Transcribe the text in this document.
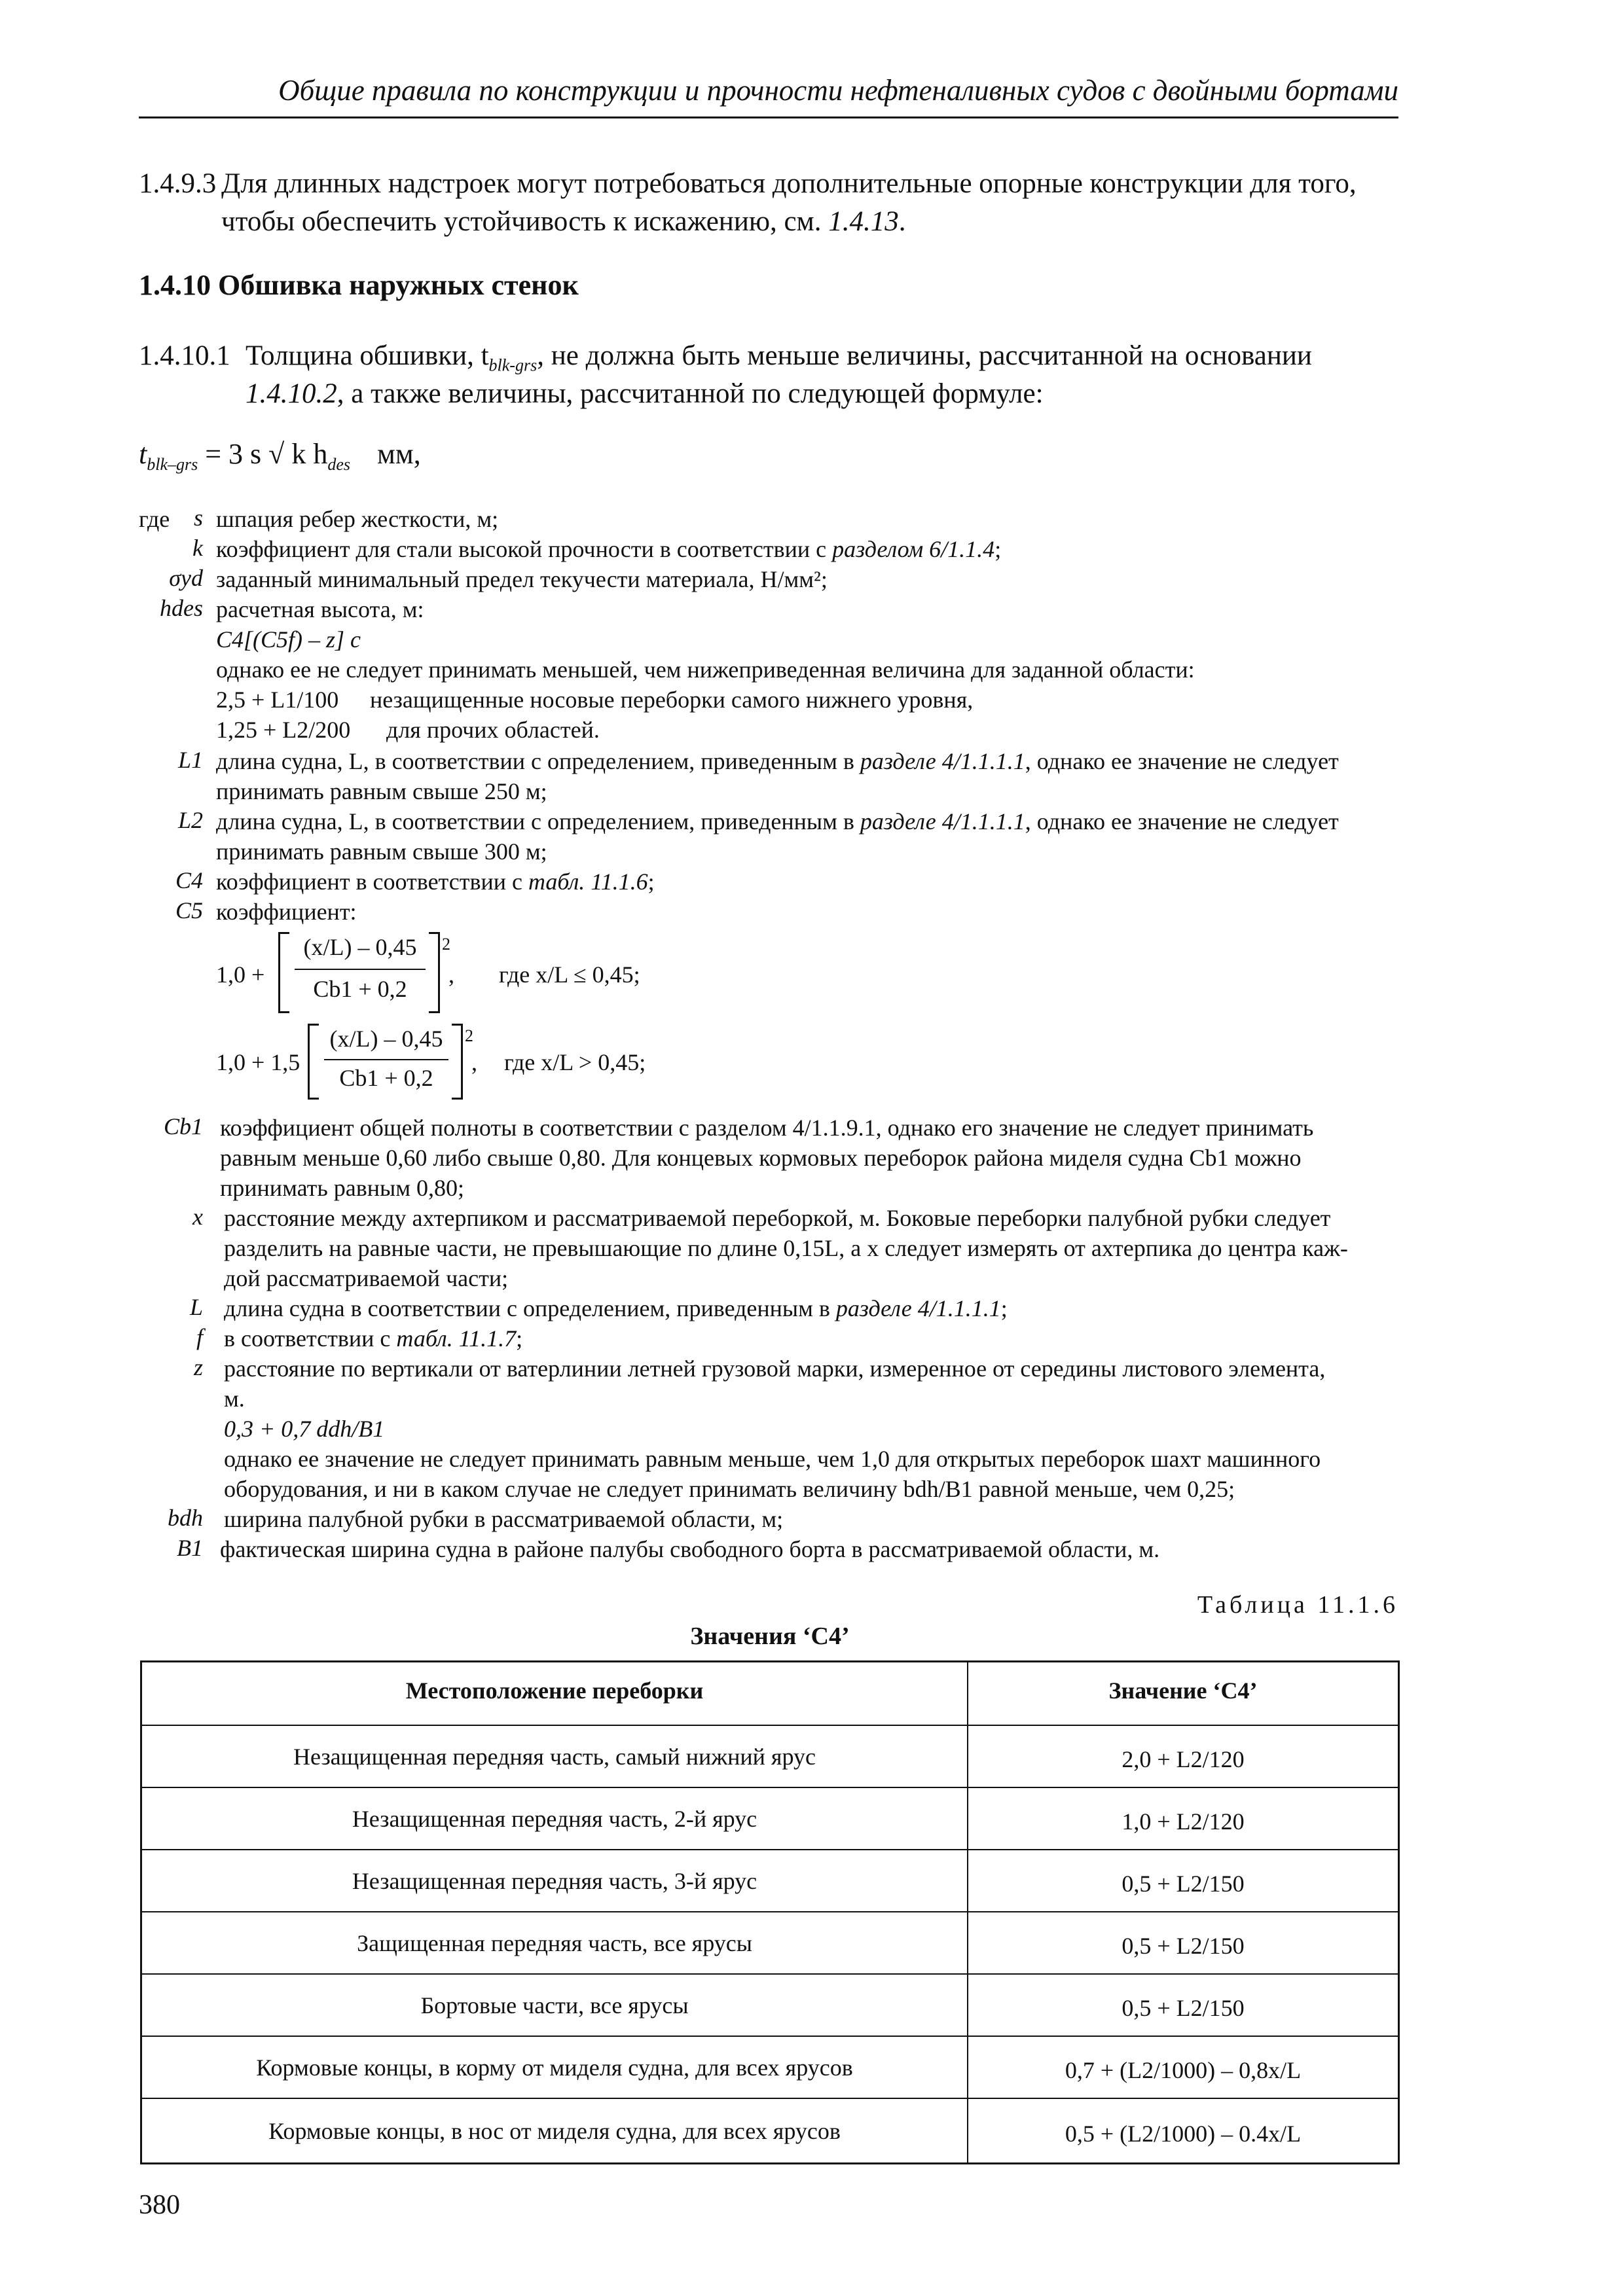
Общие правила по конструкции и прочности нефтеналивных судов с двойными бортами
1.4.9.3 Для длинных надстроек могут потребоваться дополнительные опорные конструкции для того,
чтобы обеспечить устойчивость к искажению, см. 1.4.13.
1.4.10 Обшивка наружных стенок
1.4.10.1 Толщина обшивки, $t_{blk-grs}$, не должна быть меньше величины, рассчитанной на основании
1.4.10.2, а также величины, рассчитанной по следующей формуле:
$t_{blk-grs} = 3$ s √ k $h_{des}$ мм,
где	s шпация ребер жесткости, м;
k коэффициент для стали высокой прочности в соответствии с разделом 6/1.1.4;
σyd заданный минимальный предел текучести материала, Н/мм²;
hdes расчетная высота, м:
C4[(C5f) – z] c
однако ее не следует принимать меньшей, чем нижеприведенная величина для заданной области:
2,5 + L1/100 незащищенные носовые переборки самого нижнего уровня,
1,25 + L2/200 для прочих областей.
L1 длина судна, L, в соответствии с определением, приведенным в разделе 4/1.1.1.1, однако ее значение не следует
принимать равным свыше 250 м;
L2 длина судна, L, в соответствии с определением, приведенным в разделе 4/1.1.1.1, однако ее значение не следует
принимать равным свыше 300 м;
C4 коэффициент в соответствии с табл. 11.1.6;
C5 коэффициент:
1,0 +
(x/L) – 0,45
Cb1 + 0,2
2
, где x/L ≤ 0,45;
1,0 + 1,5
(x/L) – 0,45
Cb1 + 0,2
2
, где x/L > 0,45;
Cb1 коэффициент общей полноты в соответствии с разделом 4/1.1.9.1, однако его значение не следует принимать
равным меньше 0,60 либо свыше 0,80. Для концевых кормовых переборок района миделя судна Cb1 можно
принимать равным 0,80;
x расстояние между ахтерпиком и рассматриваемой переборкой, м. Боковые переборки палубной рубки следует
разделить на равные части, не превышающие по длине 0,15L, а x следует измерять от ахтерпика до центра каж-
дой рассматриваемой части;
L длина судна в соответствии с определением, приведенным в разделе 4/1.1.1.1;
f в соответствии с табл. 11.1.7;
z расстояние по вертикали от ватерлинии летней грузовой марки, измеренное от середины листового элемента,
м.
0,3 + 0,7 ddh/B1
однако ее значение не следует принимать равным меньше, чем 1,0 для открытых переборок шахт машинного
оборудования, и ни в каком случае не следует принимать величину bdh/B1 равной меньше, чем 0,25;
bdh ширина палубной рубки в рассматриваемой области, м;
B1 фактическая ширина судна в районе палубы свободного борта в рассматриваемой области, м.
Таблица 11.1.6
Значения ‘C4’
Местоположение переборки	Значение ‘C4’
Незащищенная передняя часть, самый нижний ярус	2,0 + L2/120
Незащищенная передняя часть, 2-й ярус	1,0 + L2/120
Незащищенная передняя часть, 3-й ярус	0,5 + L2/150
Защищенная передняя часть, все ярусы	0,5 + L2/150
Бортовые части, все ярусы	0,5 + L2/150
Кормовые концы, в корму от миделя судна, для всех ярусов	0,7 + (L2/1000) – 0,8x/L
Кормовые концы, в нос от миделя судна, для всех ярусов	0,5 + (L2/1000) – 0.4x/L
380
